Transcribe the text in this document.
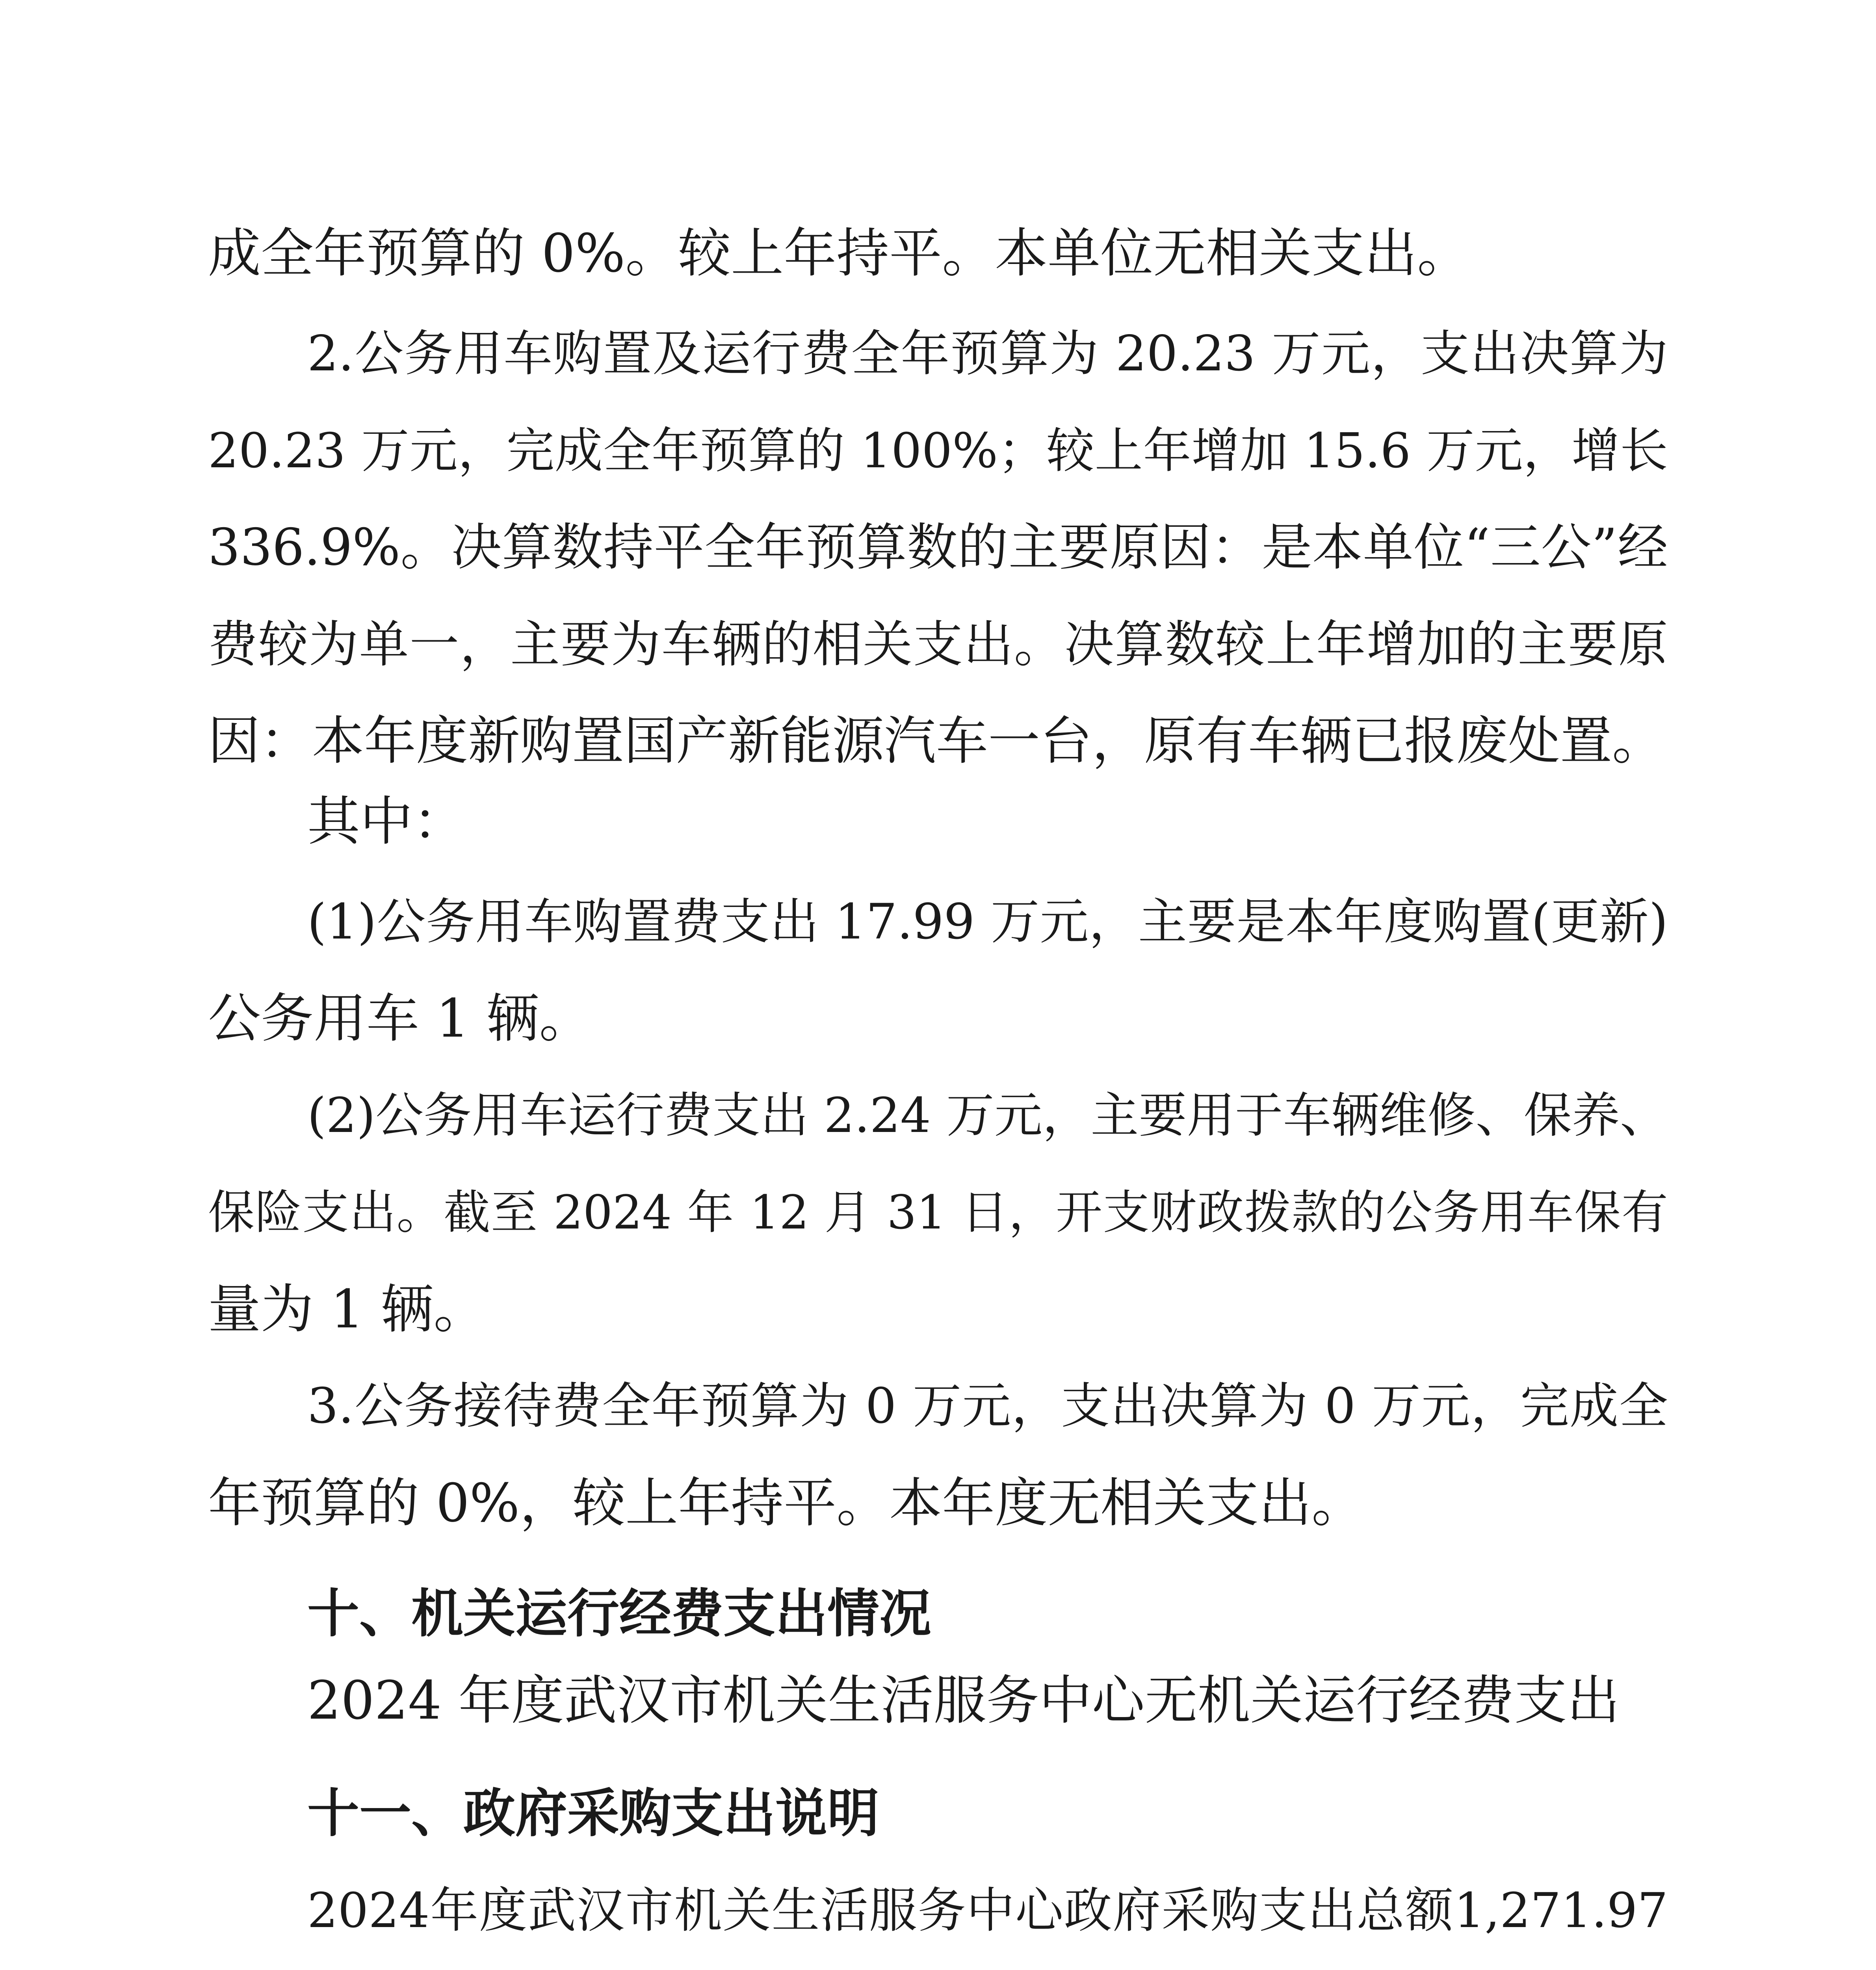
成全年预算的 0%。较上年持平。本单位无相关支出。
2.公务用车购置及运行费全年预算为 20.23 万元，支出决算为
20.23 万元，完成全年预算的 100%；较上年增加 15.6 万元，增长
336.9%。决算数持平全年预算数的主要原因：是本单位“三公”经
费较为单一，主要为车辆的相关支出。决算数较上年增加的主要原
因：本年度新购置国产新能源汽车一台，原有车辆已报废处置。
其中：
(1)公务用车购置费支出 17.99 万元，主要是本年度购置(更新)
公务用车 1 辆。
(2)公务用车运行费支出 2.24 万元，主要用于车辆维修、保养、
保险支出。截至 2024 年 12 月 31 日，开支财政拨款的公务用车保有
量为 1 辆。
3.公务接待费全年预算为 0 万元，支出决算为 0 万元，完成全
年预算的 0%，较上年持平。本年度无相关支出。
十、机关运行经费支出情况
2024 年度武汉市机关生活服务中心无机关运行经费支出
十一、政府采购支出说明
2024年度武汉市机关生活服务中心政府采购支出总额1,271.97
